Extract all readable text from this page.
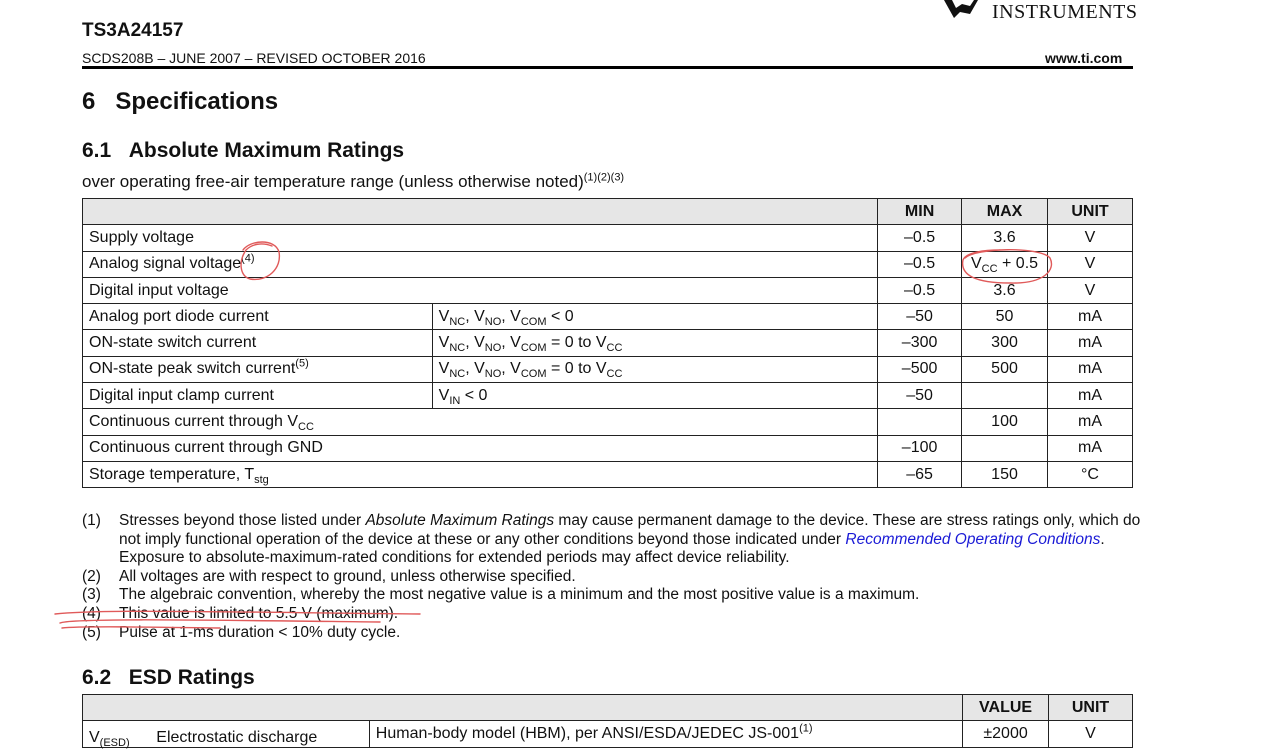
TS3A24157
INSTRUMENTS
SCDS208B – JUNE 2007 – REVISED OCTOBER 2016	www.ti.com
6 Specifications
6.1 Absolute Maximum Ratings
over operating free-air temperature range (unless otherwise noted)$^{(1)(2)(3)}$
		MIN	MAX	UNIT
Supply voltage		–0.5	3.6	V
Analog signal voltage$^{(4)}$		–0.5	$V_{CC} + 0.5$	V
Digital input voltage		–0.5	3.6	V
Analog port diode current	$V_{NC}$, $V_{NO}$, $V_{COM} < 0$	–50	50	mA
ON-state switch current	$V_{NC}$, $V_{NO}$, $V_{COM} = 0$ to $V_{CC}$	–300	300	mA
ON-state peak switch current$^{(5)}$	$V_{NC}$, $V_{NO}$, $V_{COM} = 0$ to $V_{CC}$	–500	500	mA
Digital input clamp current	$V_{IN} < 0$	–50		mA
Continuous current through $V_{CC}$			100	mA
Continuous current through GND		–100		mA
Storage temperature, $T_{stg}$		–65	150	°C
(1)	Stresses beyond those listed under Absolute Maximum Ratings may cause permanent damage to the device. These are stress ratings only, which do not imply functional operation of the device at these or any other conditions beyond those indicated under Recommended Operating Conditions. Exposure to absolute-maximum-rated conditions for extended periods may affect device reliability.
(2)	All voltages are with respect to ground, unless otherwise specified.
(3)	The algebraic convention, whereby the most negative value is a minimum and the most positive value is a maximum.
(4)	This value is limited to 5.5 V (maximum).
(5)	Pulse at 1-ms duration < 10% duty cycle.
6.2 ESD Ratings
		VALUE	UNIT
$V_{(ESD)}$      Electrostatic discharge	Human-body model (HBM), per ANSI/ESDA/JEDEC $JS-001^{(1)}$	±2000	V
